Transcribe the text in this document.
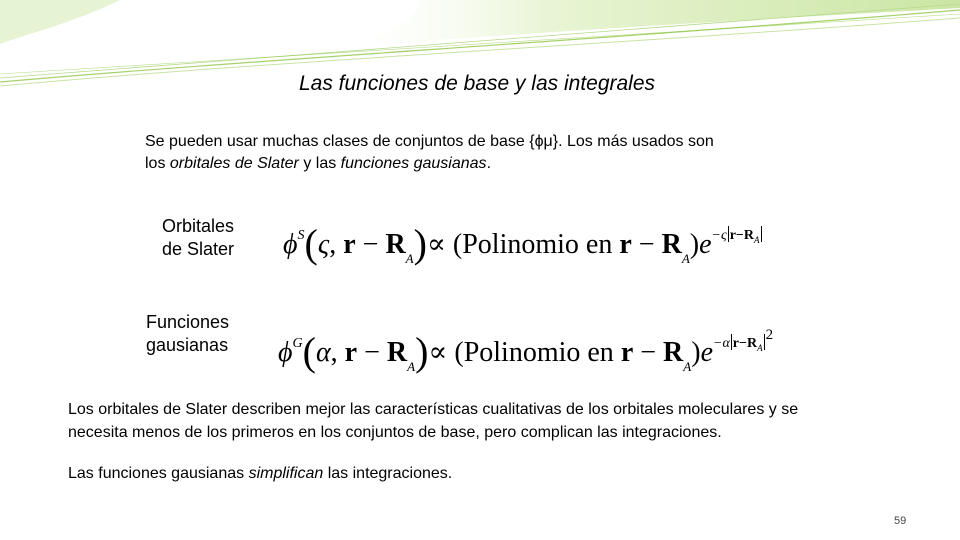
Las funciones de base y las integrales
Se pueden usar muchas clases de conjuntos de base {ϕμ}. Los más usados son
los orbitales de Slater y las funciones gausianas.
Orbitales
de Slater $\phi^S(\varsigma$, $r - R_A)\propto$ (Polinomio en $r - R_A)e^{-\varsigma r-R_A}$
Funciones
gausianas $\phi^G(\alpha$, $r - R_A)\propto$ (Polinomio en $r - R_A)e^{-\alpha r-R_A2}$
Los orbitales de Slater describen mejor las características cualitativas de los orbitales moleculares y se
necesita menos de los primeros en los conjuntos de base, pero complican las integraciones.
Las funciones gausianas simplifican las integraciones.
59
